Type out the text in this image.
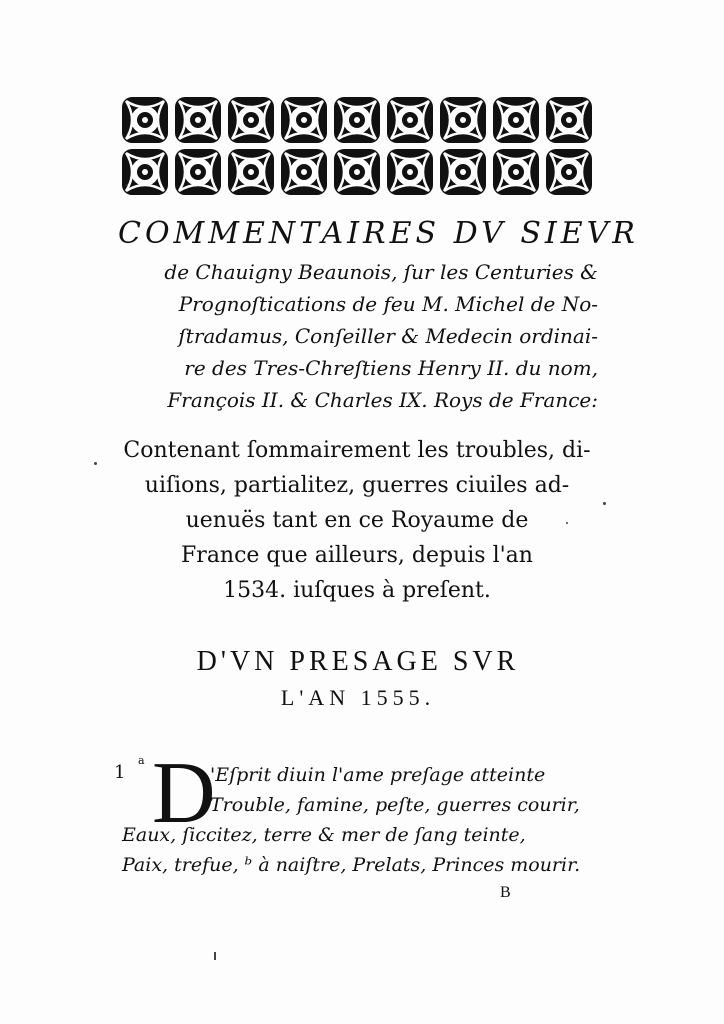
COMMENTAIRES DV SIEVR
de Chauigny Beaunois, ſur les Centuries &
Prognoſtications de feu M. Michel de No-
ſtradamus, Conſeiller & Medecin ordinai-
re des Tres-Chreſtiens Henry II. du nom,
François II. & Charles IX. Roys de France:
Contenant ſommairement les troubles, di-
uiſions, partialitez, guerres ciuiles ad-
uenuës tant en ce Royaume de
France que ailleurs, depuis l'an
1534. iuſques à preſent.
D'VN PRESAGE SVR
L'AN 1555.
1
a D
'Eſprit diuin l'ame preſage atteinte
Trouble, famine, peſte, guerres courir,
Eaux, ſiccitez, terre & mer de ſang teinte,
Paix, trefue, ᵇ à naiſtre, Prelats, Princes mourir.
B
